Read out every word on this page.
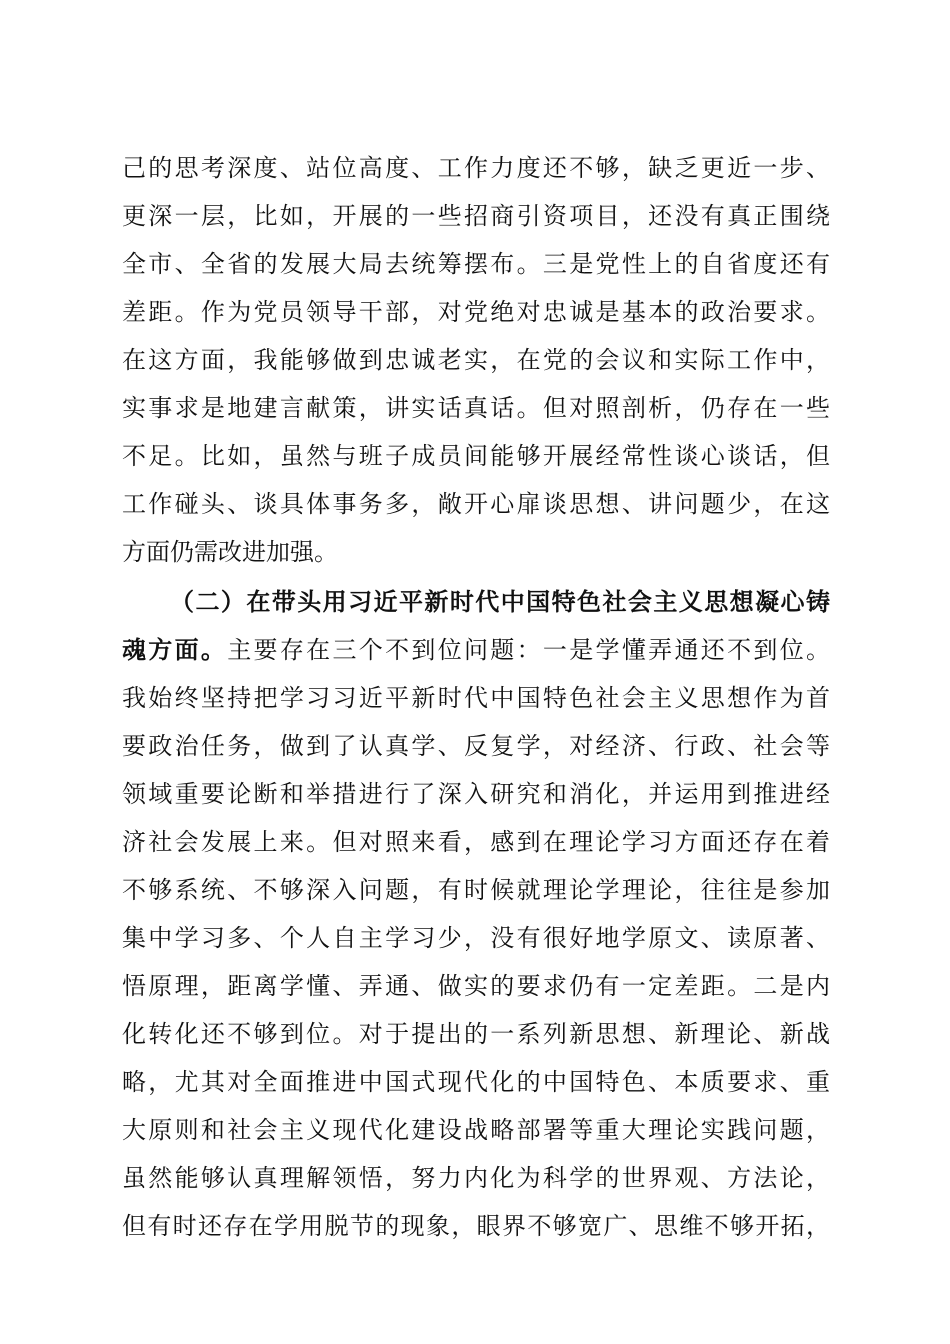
己的思考深度、站位高度、工作力度还不够，缺乏更近一步、
更深一层，比如，开展的一些招商引资项目，还没有真正围绕
全市、全省的发展大局去统筹摆布。三是党性上的自省度还有
差距。作为党员领导干部，对党绝对忠诚是基本的政治要求。
在这方面，我能够做到忠诚老实，在党的会议和实际工作中，
实事求是地建言献策，讲实话真话。但对照剖析，仍存在一些
不足。比如，虽然与班子成员间能够开展经常性谈心谈话，但
工作碰头、谈具体事务多，敞开心扉谈思想、讲问题少，在这
方面仍需改进加强。
（二）在带头用习近平新时代中国特色社会主义思想凝心铸
魂方面。主要存在三个不到位问题：一是学懂弄通还不到位。
我始终坚持把学习习近平新时代中国特色社会主义思想作为首
要政治任务，做到了认真学、反复学，对经济、行政、社会等
领域重要论断和举措进行了深入研究和消化，并运用到推进经
济社会发展上来。但对照来看，感到在理论学习方面还存在着
不够系统、不够深入问题，有时候就理论学理论，往往是参加
集中学习多、个人自主学习少，没有很好地学原文、读原著、
悟原理，距离学懂、弄通、做实的要求仍有一定差距。二是内
化转化还不够到位。对于提出的一系列新思想、新理论、新战
略，尤其对全面推进中国式现代化的中国特色、本质要求、重
大原则和社会主义现代化建设战略部署等重大理论实践问题，
虽然能够认真理解领悟，努力内化为科学的世界观、方法论，
但有时还存在学用脱节的现象，眼界不够宽广、思维不够开拓，
